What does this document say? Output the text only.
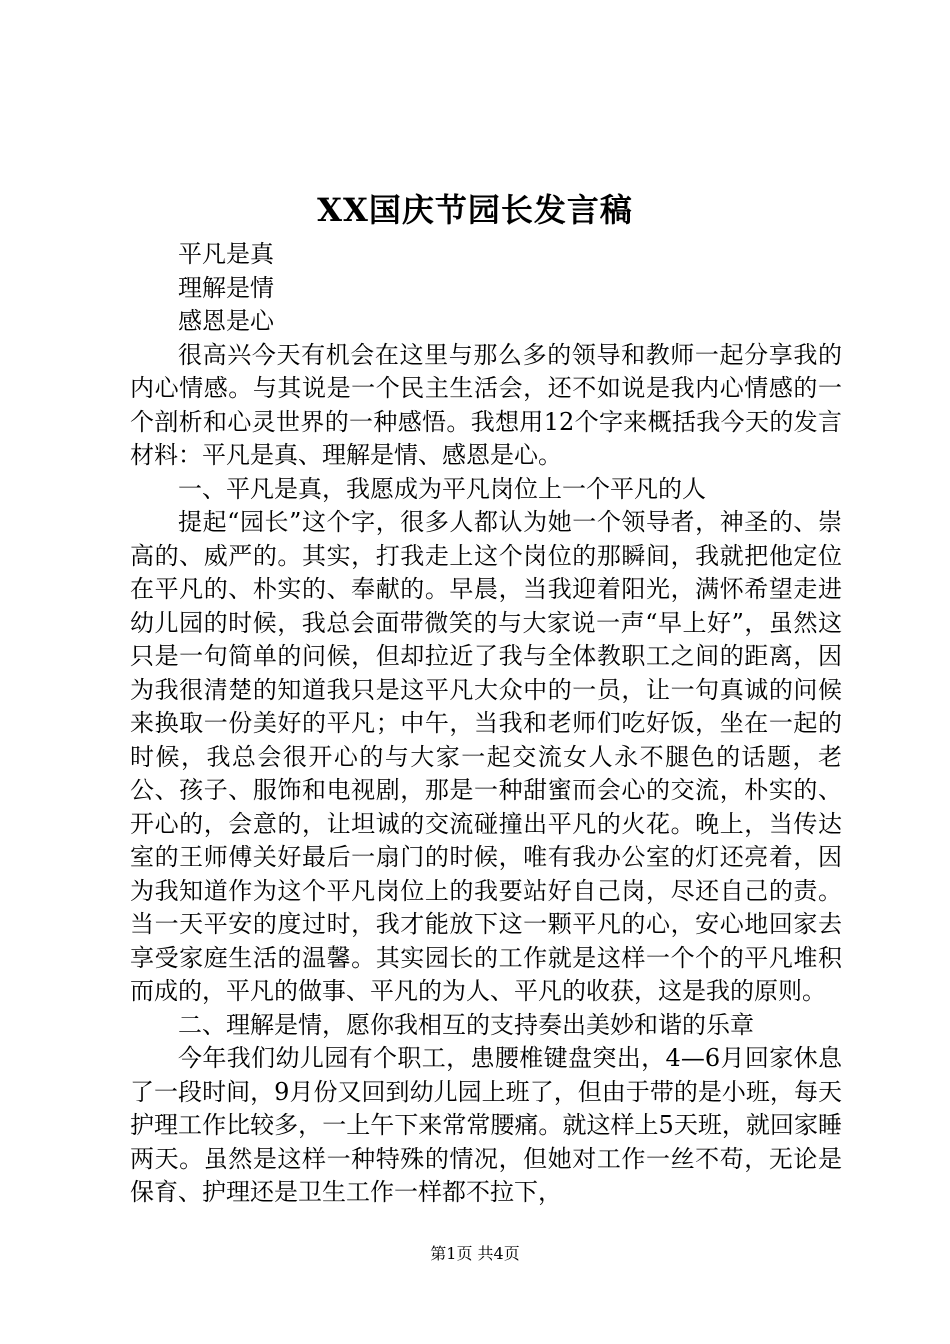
XX国庆节园长发言稿

平凡是真

理解是情

感恩是心

很高兴今天有机会在这里与那么多的领导和教师一起分享我的内心情感。与其说是一个民主生活会，还不如说是我内心情感的一个剖析和心灵世界的一种感悟。我想用12个字来概括我今天的发言材料：平凡是真、理解是情、感恩是心。

一、平凡是真，我愿成为平凡岗位上一个平凡的人

提起“园长”这个字，很多人都认为她一个领导者，神圣的、崇高的、威严的。其实，打我走上这个岗位的那瞬间，我就把他定位在平凡的、朴实的、奉献的。早晨，当我迎着阳光，满怀希望走进幼儿园的时候，我总会面带微笑的与大家说一声“早上好”，虽然这只是一句简单的问候，但却拉近了我与全体教职工之间的距离，因为我很清楚的知道我只是这平凡大众中的一员，让一句真诚的问候来换取一份美好的平凡；中午，当我和老师们吃好饭，坐在一起的时候，我总会很开心的与大家一起交流女人永不腿色的话题，老公、孩子、服饰和电视剧，那是一种甜蜜而会心的交流，朴实的、开心的，会意的，让坦诚的交流碰撞出平凡的火花。晚上，当传达室的王师傅关好最后一扇门的时候，唯有我办公室的灯还亮着，因为我知道作为这个平凡岗位上的我要站好自己岗，尽还自己的责。当一天平安的度过时，我才能放下这一颗平凡的心，安心地回家去享受家庭生活的温馨。其实园长的工作就是这样一个个的平凡堆积而成的，平凡的做事、平凡的为人、平凡的收获，这是我的原则。

二、理解是情，愿你我相互的支持奏出美妙和谐的乐章

今年我们幼儿园有个职工，患腰椎键盘突出，4—6月回家休息了一段时间，9月份又回到幼儿园上班了，但由于带的是小班，每天护理工作比较多，一上午下来常常腰痛。就这样上5天班，就回家睡两天。虽然是这样一种特殊的情况，但她对工作一丝不苟，无论是保育、护理还是卫生工作一样都不拉下，

第1页 共4页
